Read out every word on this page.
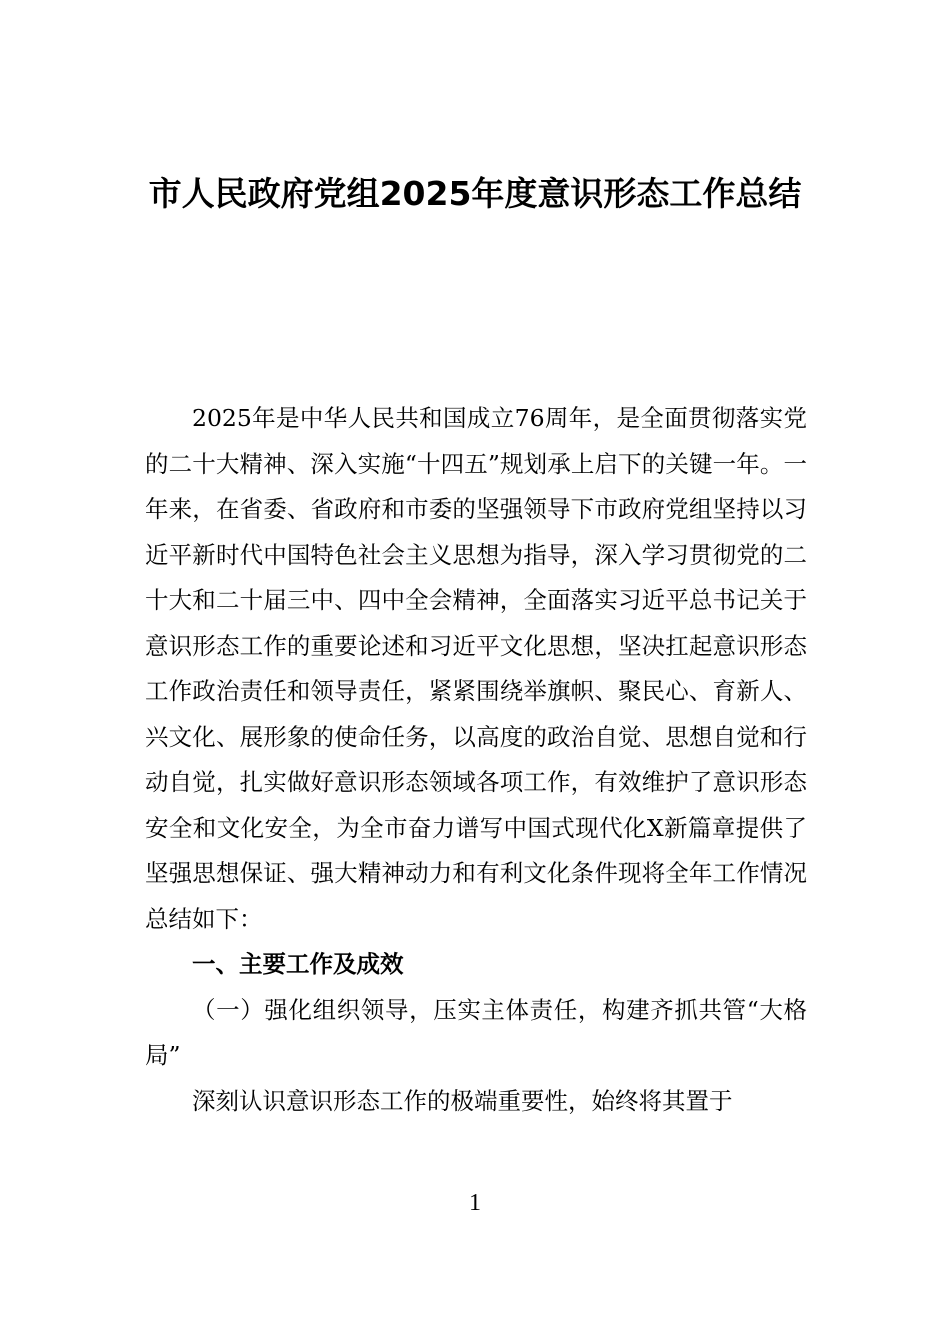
市人民政府党组2025年度意识形态工作总结

2025年是中华人民共和国成立76周年，是全面贯彻落实党的二十大精神、深入实施“十四五”规划承上启下的关键一年。一年来，在省委、省政府和市委的坚强领导下市政府党组坚持以习近平新时代中国特色社会主义思想为指导，深入学习贯彻党的二十大和二十届三中、四中全会精神，全面落实习近平总书记关于意识形态工作的重要论述和习近平文化思想，坚决扛起意识形态工作政治责任和领导责任，紧紧围绕举旗帜、聚民心、育新人、兴文化、展形象的使命任务，以高度的政治自觉、思想自觉和行动自觉，扎实做好意识形态领域各项工作，有效维护了意识形态安全和文化安全，为全市奋力谱写中国式现代化X新篇章提供了坚强思想保证、强大精神动力和有利文化条件现将全年工作情况总结如下：

一、主要工作及成效

（一）强化组织领导，压实主体责任，构建齐抓共管“大格局”

深刻认识意识形态工作的极端重要性，始终将其置于

1
